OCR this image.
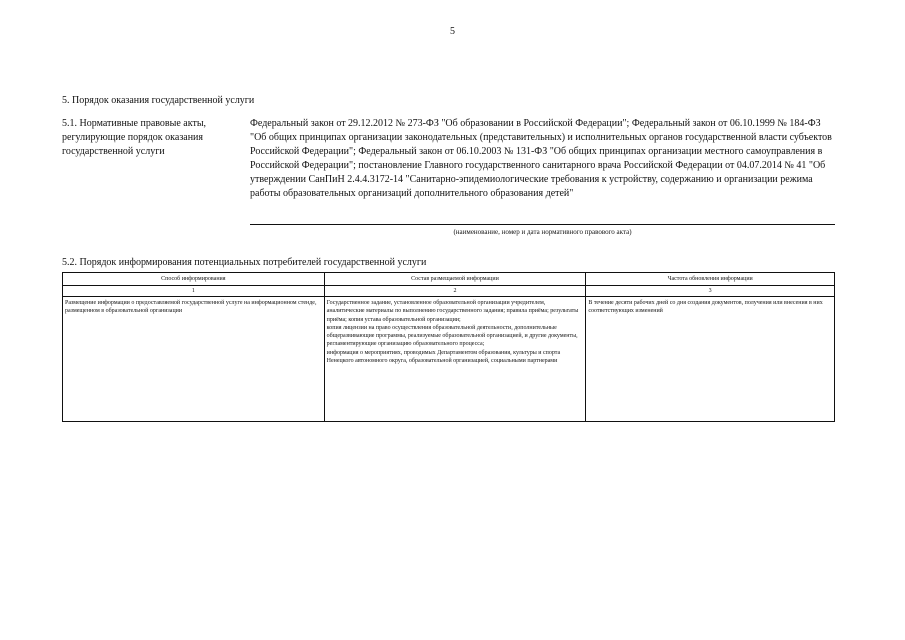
5
5. Порядок оказания государственной услуги
5.1. Нормативные правовые акты, регулирующие порядок оказания государственной услуги
Федеральный закон от 29.12.2012 № 273-ФЗ "Об образовании в Российской Федерации"; Федеральный закон от 06.10.1999 № 184-ФЗ "Об общих принципах организации законодательных (представительных) и исполнительных органов государственной власти субъектов Российской Федерации"; Федеральный закон от 06.10.2003 № 131-ФЗ "Об общих принципах организации местного самоуправления в Российской Федерации"; постановление Главного государственного санитарного врача Российской Федерации от 04.07.2014 № 41 "Об утверждении СанПиН 2.4.4.3172-14 "Санитарно-эпидемиологические требования к устройству, содержанию и организации режима работы образовательных организаций дополнительного образования детей"
(наименование, номер и дата нормативного правового акта)
5.2. Порядок информирования потенциальных потребителей государственной услуги
Способ информирования	Состав размещаемой информации	Частота обновления информации
1	2	3
Размещение информации о предоставляемой государственной услуге на информационном стенде, размещенном в образовательной организации	Государственное задание, установленное образовательной организации учредителем, аналитические материалы по выполнению государственного задания; правила приёма; результаты приёма; копия устава образовательной организации;
копия лицензии на право осуществления образовательной деятельности, дополнительные общеразвивающие программы, реализуемые образовательной организацией, и другие документы, регламентирующие организацию образовательного процесса;
информация о мероприятиях, проводимых Департаментом образования, культуры и спорта Ненецкого автономного округа, образовательной организацией, социальными партнерами	В течение десяти рабочих дней со дня создания документов, получения или внесения в них соответствующих изменений
